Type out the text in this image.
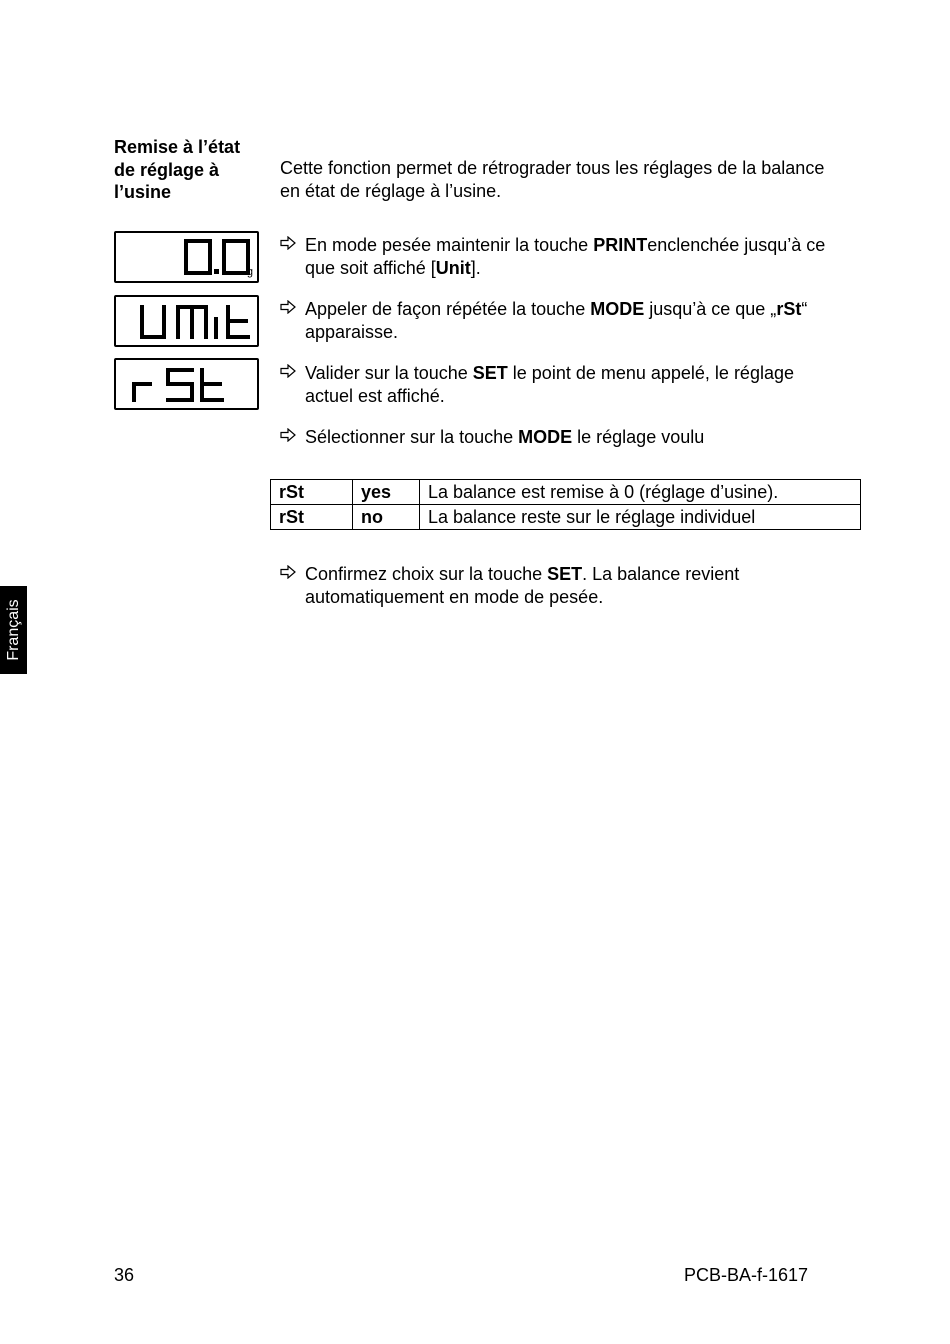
Remise à l’état de réglage à l’usine
Cette fonction permet de rétrograder tous les réglages de la balance en état de réglage à l’usine.
g
En mode pesée maintenir la touche PRINTenclenchée jusqu’à ce que soit affiché [Unit].
Appeler de façon répétée la touche MODE jusqu’à ce que „rSt“ apparaisse.
Valider sur la touche SET le point de menu appelé, le réglage actuel est affiché.
Sélectionner sur la touche MODE le réglage voulu
rSt	yes	La balance est remise à 0 (réglage d’usine).
rSt	no	La balance reste sur le réglage individuel
Confirmez choix sur la touche SET. La balance revient automatiquement en mode de pesée.
Français
36	PCB-BA-f-1617
